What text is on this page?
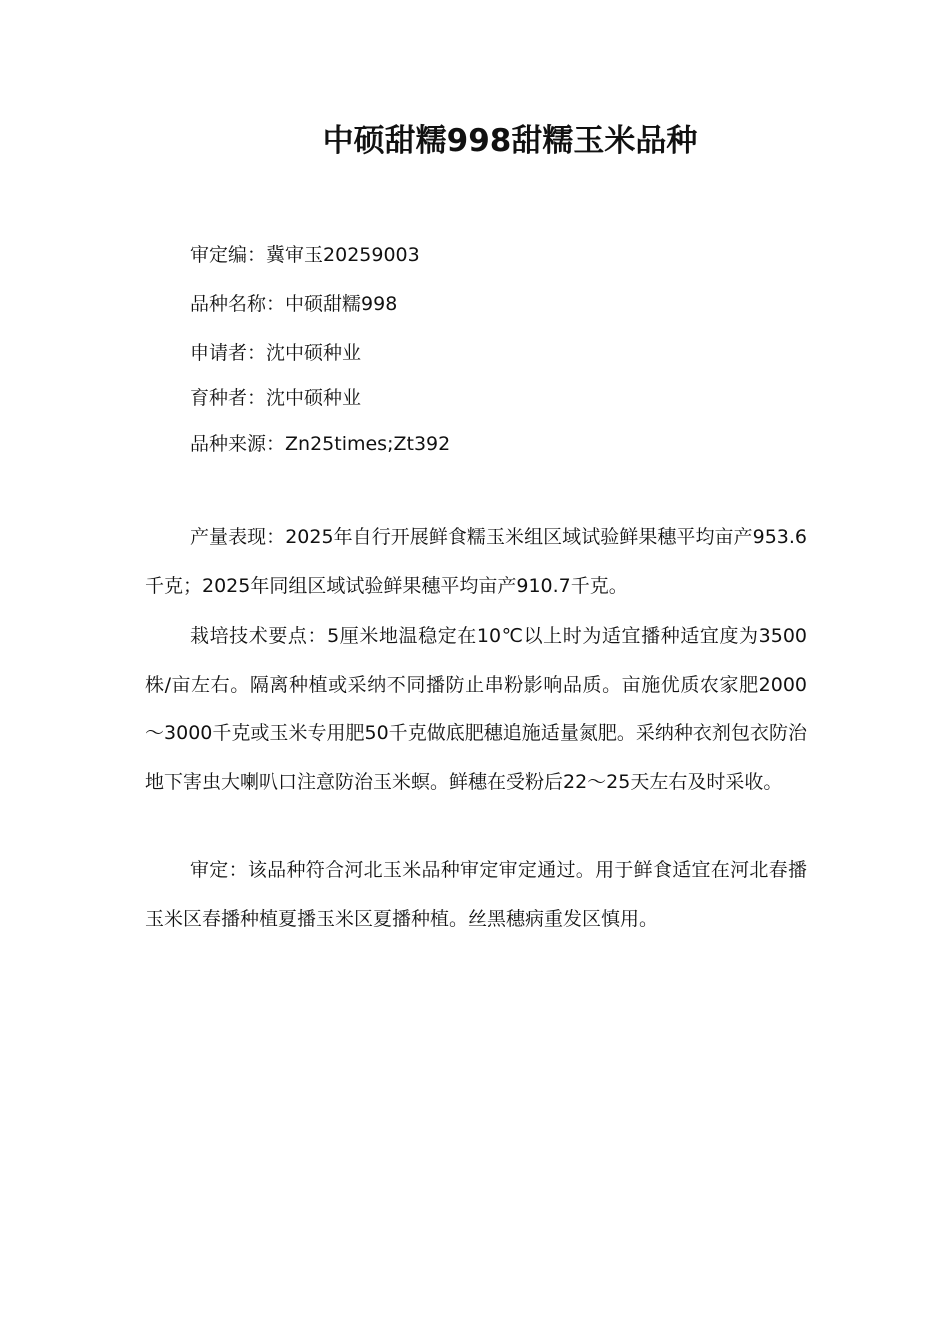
中硕甜糯998甜糯玉米品种
审定编：冀审玉20259003
品种名称：中硕甜糯998
申请者：沈中硕种业
育种者：沈中硕种业
品种来源：Zn25times;Zt392

产量表现：2025年自行开展鲜食糯玉米组区域试验鲜果穗平均亩产953.6千克；2025年同组区域试验鲜果穗平均亩产910.7千克。

栽培技术要点：5厘米地温稳定在10℃以上时为适宜播种适宜度为3500株/亩左右。隔离种植或采纳不同播防止串粉影响品质。亩施优质农家肥2000～3000千克或玉米专用肥50千克做底肥穗追施适量氮肥。采纳种衣剂包衣防治地下害虫大喇叭口注意防治玉米螟。鲜穗在受粉后22～25天左右及时采收。

审定：该品种符合河北玉米品种审定审定通过。用于鲜食适宜在河北春播玉米区春播种植夏播玉米区夏播种植。丝黑穗病重发区慎用。
